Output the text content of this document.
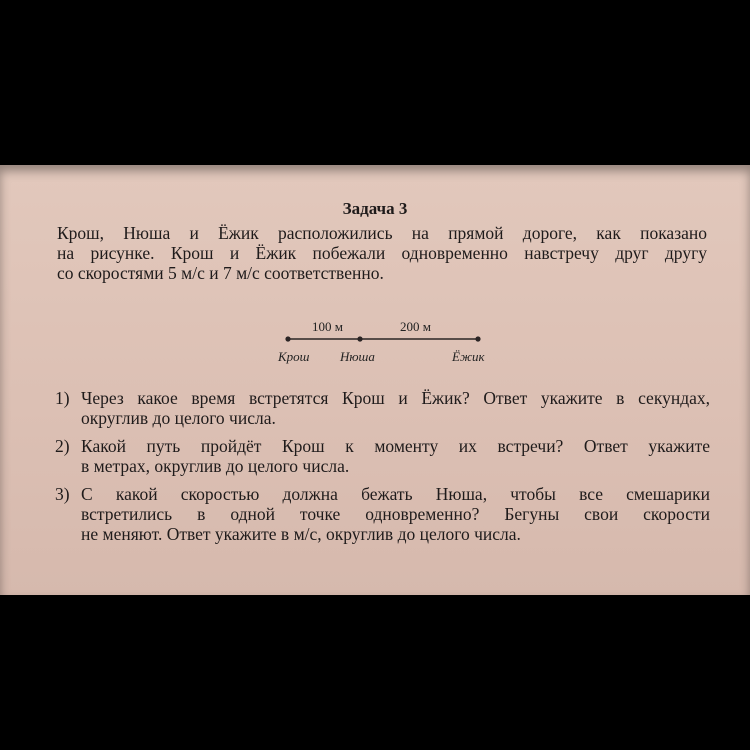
Задача 3
Крош, Нюша и Ёжик расположились на прямой дороге, как показано
на рисунке. Крош и Ёжик побежали одновременно навстречу друг другу
со скоростями 5 м/с и 7 м/с соответственно.
100 м	200 м
Крош Нюша	Ёжик
1) Через какое время встретятся Крош и Ёжик? Ответ укажите в секундах,
округлив до целого числа.
2) Какой путь пройдёт Крош к моменту их встречи? Ответ укажите
в метрах, округлив до целого числа.
3) С какой скоростью должна бежать Нюша, чтобы все смешарики
встретились в одной точке одновременно? Бегуны свои скорости
не меняют. Ответ укажите в м/с, округлив до целого числа.
